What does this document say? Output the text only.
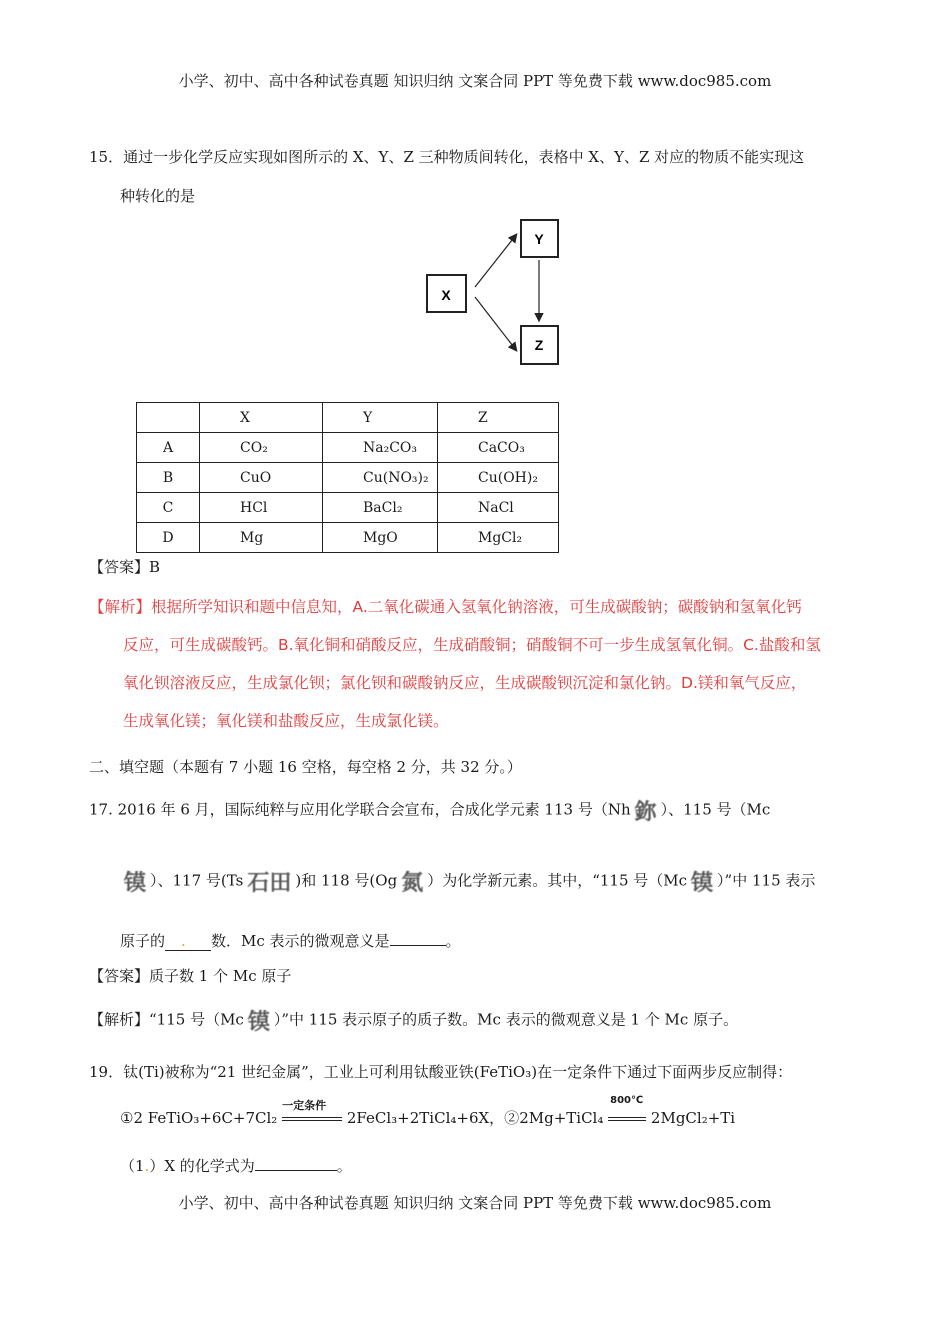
小学、初中、高中各种试卷真题 知识归纳 文案合同 PPT 等免费下载 www.doc985.com
15．通过一步化学反应实现如图所示的 X、Y、Z 三种物质间转化，表格中 X、Y、Z 对应的物质不能实现这
种转化的是
X
Y
Z
	X	Y	Z
A	CO₂	Na₂CO₃	CaCO₃
B	CuO	Cu(NO₃)₂	Cu(OH)₂
C	HCl	BaCl₂	NaCl
D	Mg	MgO	MgCl₂
【答案】B
【解析】根据所学知识和题中信息知，A.二氧化碳通入氢氧化钠溶液，可生成碳酸钠；碳酸钠和氢氧化钙
反应，可生成碳酸钙。B.氧化铜和硝酸反应，生成硝酸铜；硝酸铜不可一步生成氢氧化铜。C.盐酸和氢
氧化钡溶液反应，生成氯化钡；氯化钡和碳酸钠反应，生成碳酸钡沉淀和氯化钠。D.镁和氧气反应，
生成氧化镁；氧化镁和盐酸反应，生成氯化镁。
二、填空题（本题有 7 小题 16 空格，每空格 2 分，共 32 分。）
17. 2016 年 6 月，国际纯粹与应用化学联合会宣布，合成化学元素 113 号（Nh 鉨 ）、115 号（Mc
镆 ）、117 号(Ts 石田 )和 118 号(Og 氮 ）为化学新元素。其中，“115 号（Mc 镆 ）”中 115 表示
原子的 . 数．Mc 表示的微观意义是	。
【答案】质子数 1 个 Mc 原子
【解析】“115 号（Mc 镆 ）”中 115 表示原子的质子数。Mc 表示的微观意义是 1 个 Mc 原子。
19．钛(Ti)被称为“21 世纪金属”，工业上可利用钛酸亚铁(FeTiO₃)在一定条件下通过下面两步反应制得：
①2 FeTiO₃+6C+7Cl₂
一定条件
2FeCl₃+2TiCl₄+6X，②2Mg+TiCl₄
800℃
2MgCl₂+Ti
（1.）X 的化学式为	。
小学、初中、高中各种试卷真题 知识归纳 文案合同 PPT 等免费下载 www.doc985.com
